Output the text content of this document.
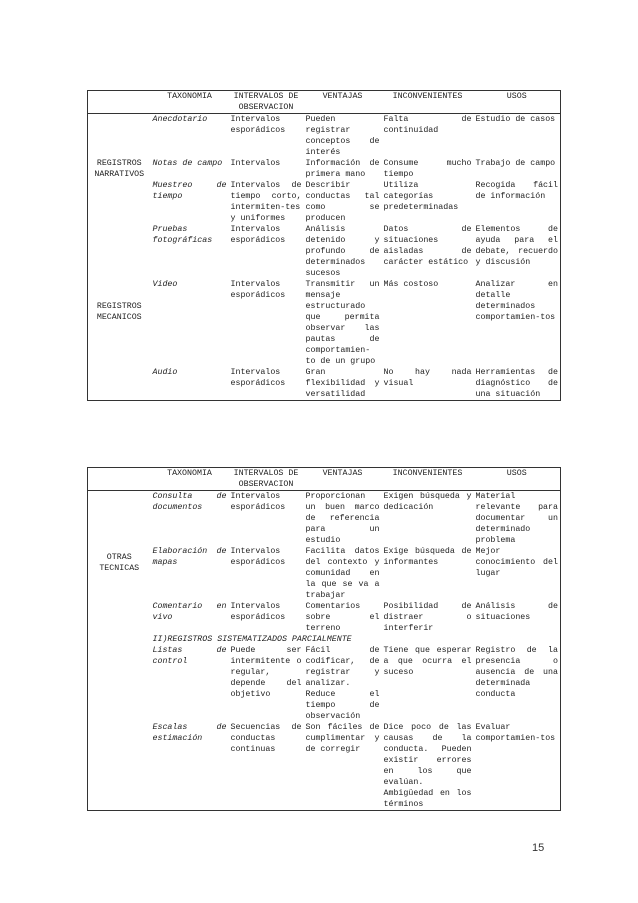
	TAXONOMIA	INTERVALOS DE OBSERVACION	VENTAJAS	INCONVENIENTES	USOS
REGISTROS NARRATIVOS	Anecdotario	Intervalos esporádicos	Pueden registrar conceptos de interés	Falta de continuidad	Estudio de casos
	Notas de campo	Intervalos	Información de primera mano	Consume mucho tiempo	Trabajo de campo
	Muestreo de tiempo	Intervalos de tiempo corto, intermiten-tes y uniformes	Describir conductas tal como se producen	Utiliza categorías predeterminadas	Recogida fácil de información
REGISTROS MECANICOS	Pruebas fotográficas	Intervalos esporádicos	Análisis detenido y profundo de determinados sucesos	Datos de situaciones aisladas de carácter estático	Elementos de ayuda para el debate, recuerdo y discusión
	Video	Intervalos esporádicos	Transmitir un mensaje estructurado que permita observar las pautas de comportamien-to de un grupo	Más costoso	Analizar en detalle determinados comportamien-tos
	Audio	Intervalos esporádicos	Gran flexibilidad y versatilidad	No hay nada visual	Herramientas de diagnóstico de una situación
	TAXONOMIA	INTERVALOS DE OBSERVACION	VENTAJAS	INCONVENIENTES	USOS
OTRAS TECNICAS	Consulta de documentos	Intervalos esporádicos	Proporcionan un buen marco de referencia para un estudio	Exigen búsqueda y dedicación	Material relevante para documentar un determinado problema
	Elaboración de mapas	Intervalos esporádicos	Facilita datos del contexto y comunidad en la que se va a trabajar	Exige búsqueda de informantes	Mejor conocimiento del lugar
	Comentario en vivo	Intervalos esporádicos	Comentarios sobre el terreno	Posibilidad de distraer o interferir	Análisis de situaciones
	II)REGISTROS SISTEMATIZADOS PARCIALMENTE				
	Listas de control	Puede ser intermitente o regular, depende del objetivo	Fácil de codificar, de registrar y analizar. Reduce el tiempo de observación	Tiene que esperar a que ocurra el suceso	Registro de la presencia o ausencia de una determinada conducta
	Escalas de estimación	Secuencias de conductas continuas	Son fáciles de cumplimentar y de corregir	Dice poco de las causas de la conducta. Pueden existir errores en los que evalúan. Ambigüedad en los términos	Evaluar comportamien-tos
15
